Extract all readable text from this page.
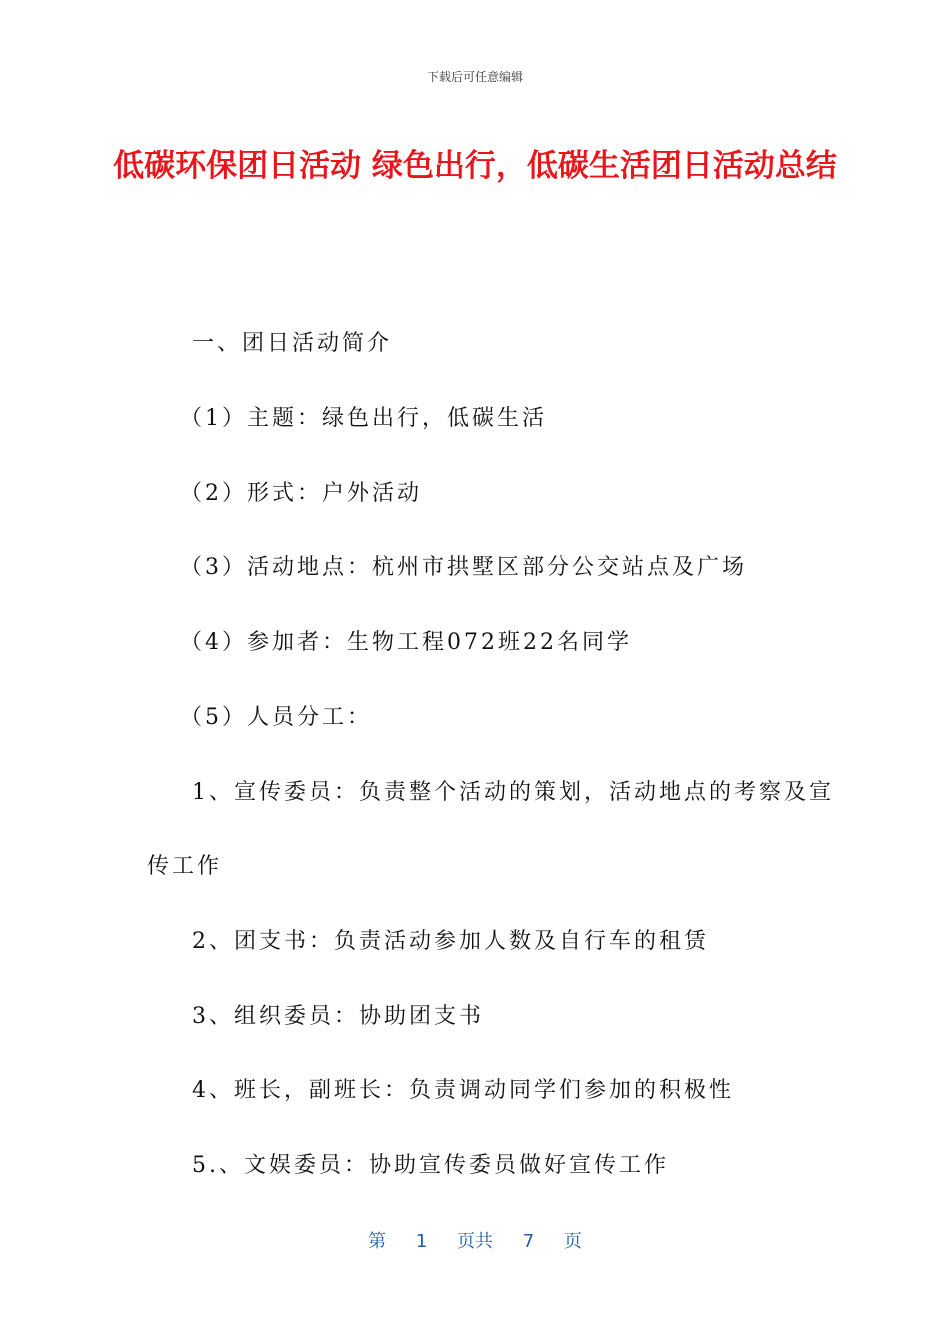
下载后可任意编辑
低碳环保团日活动 绿色出行，低碳生活团日活动总结
一、团日活动简介
（1）主题：绿色出行，低碳生活
（2）形式：户外活动
（3）活动地点：杭州市拱墅区部分公交站点及广场
（4）参加者：生物工程072班22名同学
（5）人员分工：
1、宣传委员：负责整个活动的策划，活动地点的考察及宣
传工作
2、团支书：负责活动参加人数及自行车的租赁
3、组织委员：协助团支书
4、班长，副班长：负责调动同学们参加的积极性
5.、文娱委员：协助宣传委员做好宣传工作
第 1 页共 7 页
